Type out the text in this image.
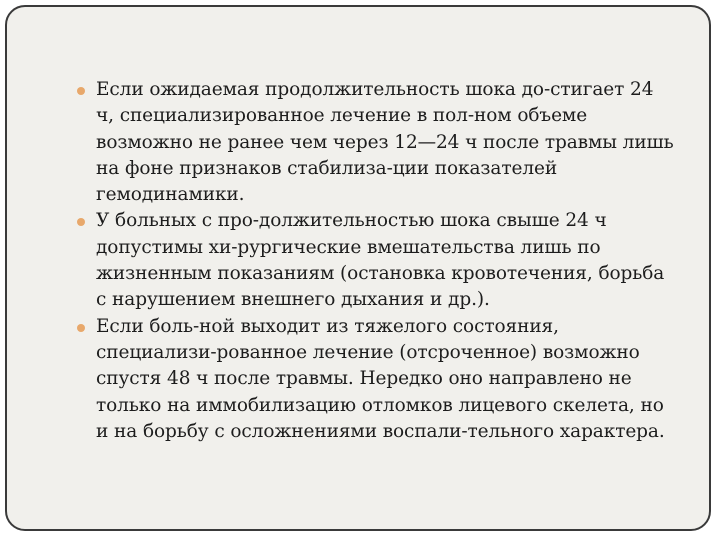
Если ожидаемая продолжительность шока до-стигает 24 ч, специализированное лечение в пол-ном объеме возможно не ранее чем через 12—24 ч после травмы лишь на фоне признаков стабилиза-ции показателей гемодинамики.
У больных с про-должительностью шока свыше 24 ч допустимы хи-рургические вмешательства лишь по жизненным показаниям (остановка кровотечения, борьба с нарушением внешнего дыхания и др.).
Если боль-ной выходит из тяжелого состояния, специализи-рованное лечение (отсроченное) возможно спустя 48 ч после травмы. Нередко оно направлено не только на иммобилизацию отломков лицевого скелета, но и на борьбу с осложнениями воспали-тельного характера.
